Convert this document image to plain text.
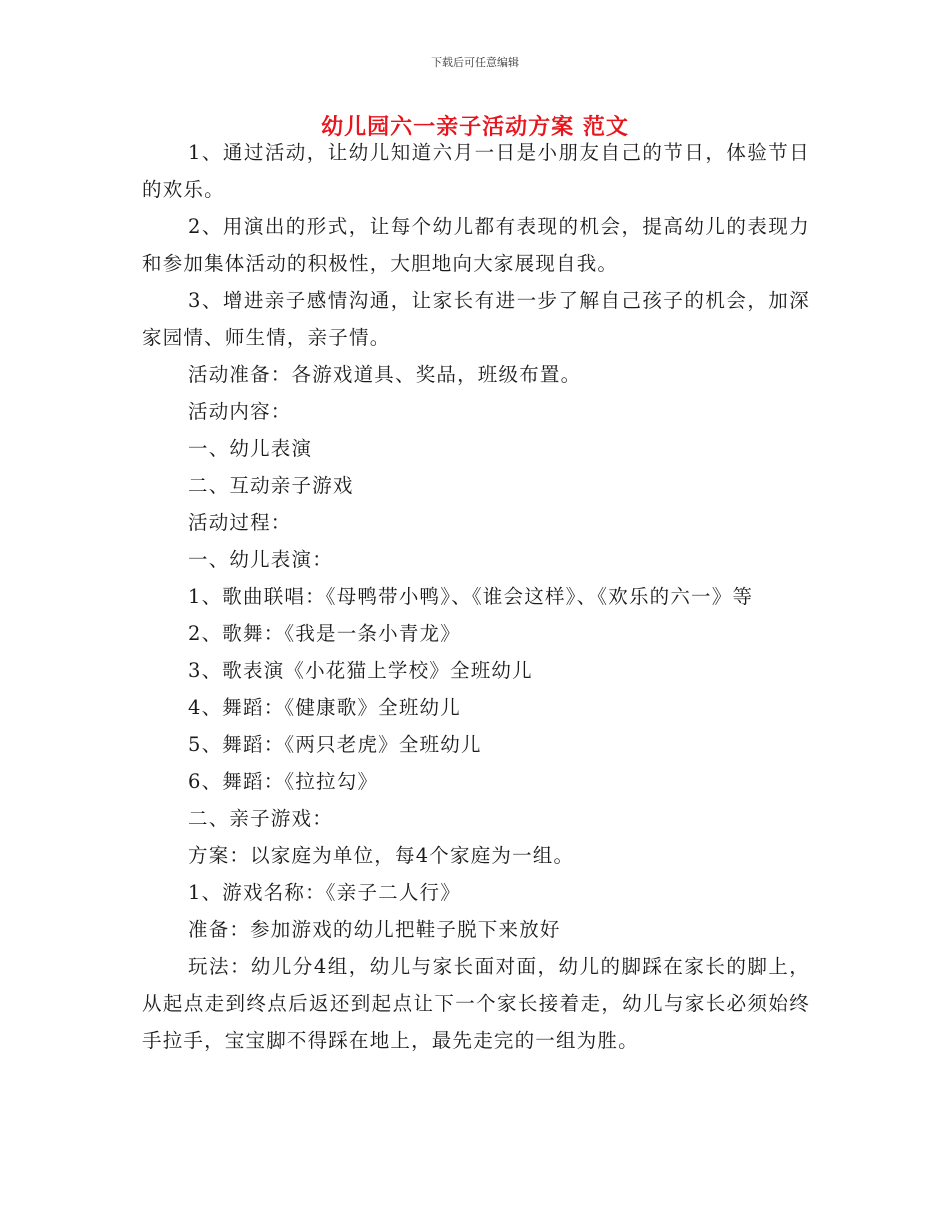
下载后可任意编辑
幼儿园六一亲子活动方案 范文

1、通过活动，让幼儿知道六月一日是小朋友自己的节日，体验节日的欢乐。

2、用演出的形式，让每个幼儿都有表现的机会，提高幼儿的表现力和参加集体活动的积极性，大胆地向大家展现自我。

3、增进亲子感情沟通，让家长有进一步了解自己孩子的机会，加深家园情、师生情，亲子情。

活动准备：各游戏道具、奖品，班级布置。

活动内容：

一、幼儿表演

二、互动亲子游戏

活动过程：

一、幼儿表演：

1、歌曲联唱：《母鸭带小鸭》、《谁会这样》、《欢乐的六一》等

2、歌舞：《我是一条小青龙》

3、歌表演《小花猫上学校》全班幼儿

4、舞蹈：《健康歌》全班幼儿

5、舞蹈：《两只老虎》全班幼儿

6、舞蹈：《拉拉勾》

二、亲子游戏：

方案：以家庭为单位，每4个家庭为一组。

1、游戏名称：《亲子二人行》

准备：参加游戏的幼儿把鞋子脱下来放好

玩法：幼儿分4组，幼儿与家长面对面，幼儿的脚踩在家长的脚上，从起点走到终点后返还到起点让下一个家长接着走，幼儿与家长必须始终手拉手，宝宝脚不得踩在地上，最先走完的一组为胜。
